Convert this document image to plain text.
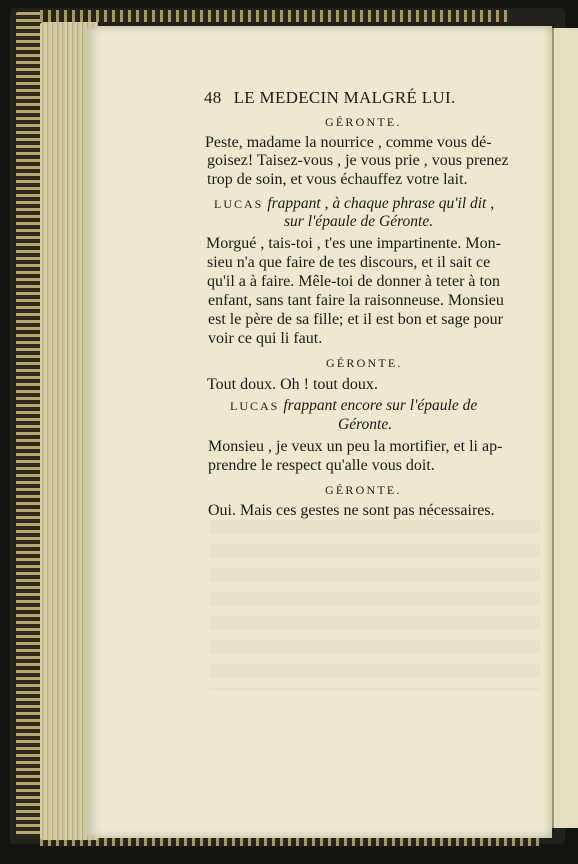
48 LE MEDECIN MALGRÉ LUI.
GÉRONTE.
Peste, madame la nourrice , comme vous dé-
goisez! Taisez-vous , je vous prie , vous prenez
trop de soin, et vous échauffez votre lait.
LUCAS frappant , à chaque phrase qu'il dit ,
sur l'épaule de Géronte.
Morgué , tais-toi , t'es une impartinente. Mon-
sieu n'a que faire de tes discours, et il sait ce
qu'il a à faire. Mêle-toi de donner à teter à ton
enfant, sans tant faire la raisonneuse. Monsieu
est le père de sa fille; et il est bon et sage pour
voir ce qui li faut.
GÉRONTE.
Tout doux. Oh ! tout doux.
LUCAS frappant encore sur l'épaule de
Géronte.
Monsieu , je veux un peu la mortifier, et li ap-
prendre le respect qu'alle vous doit.
GÉRONTE.
Oui. Mais ces gestes ne sont pas nécessaires.
